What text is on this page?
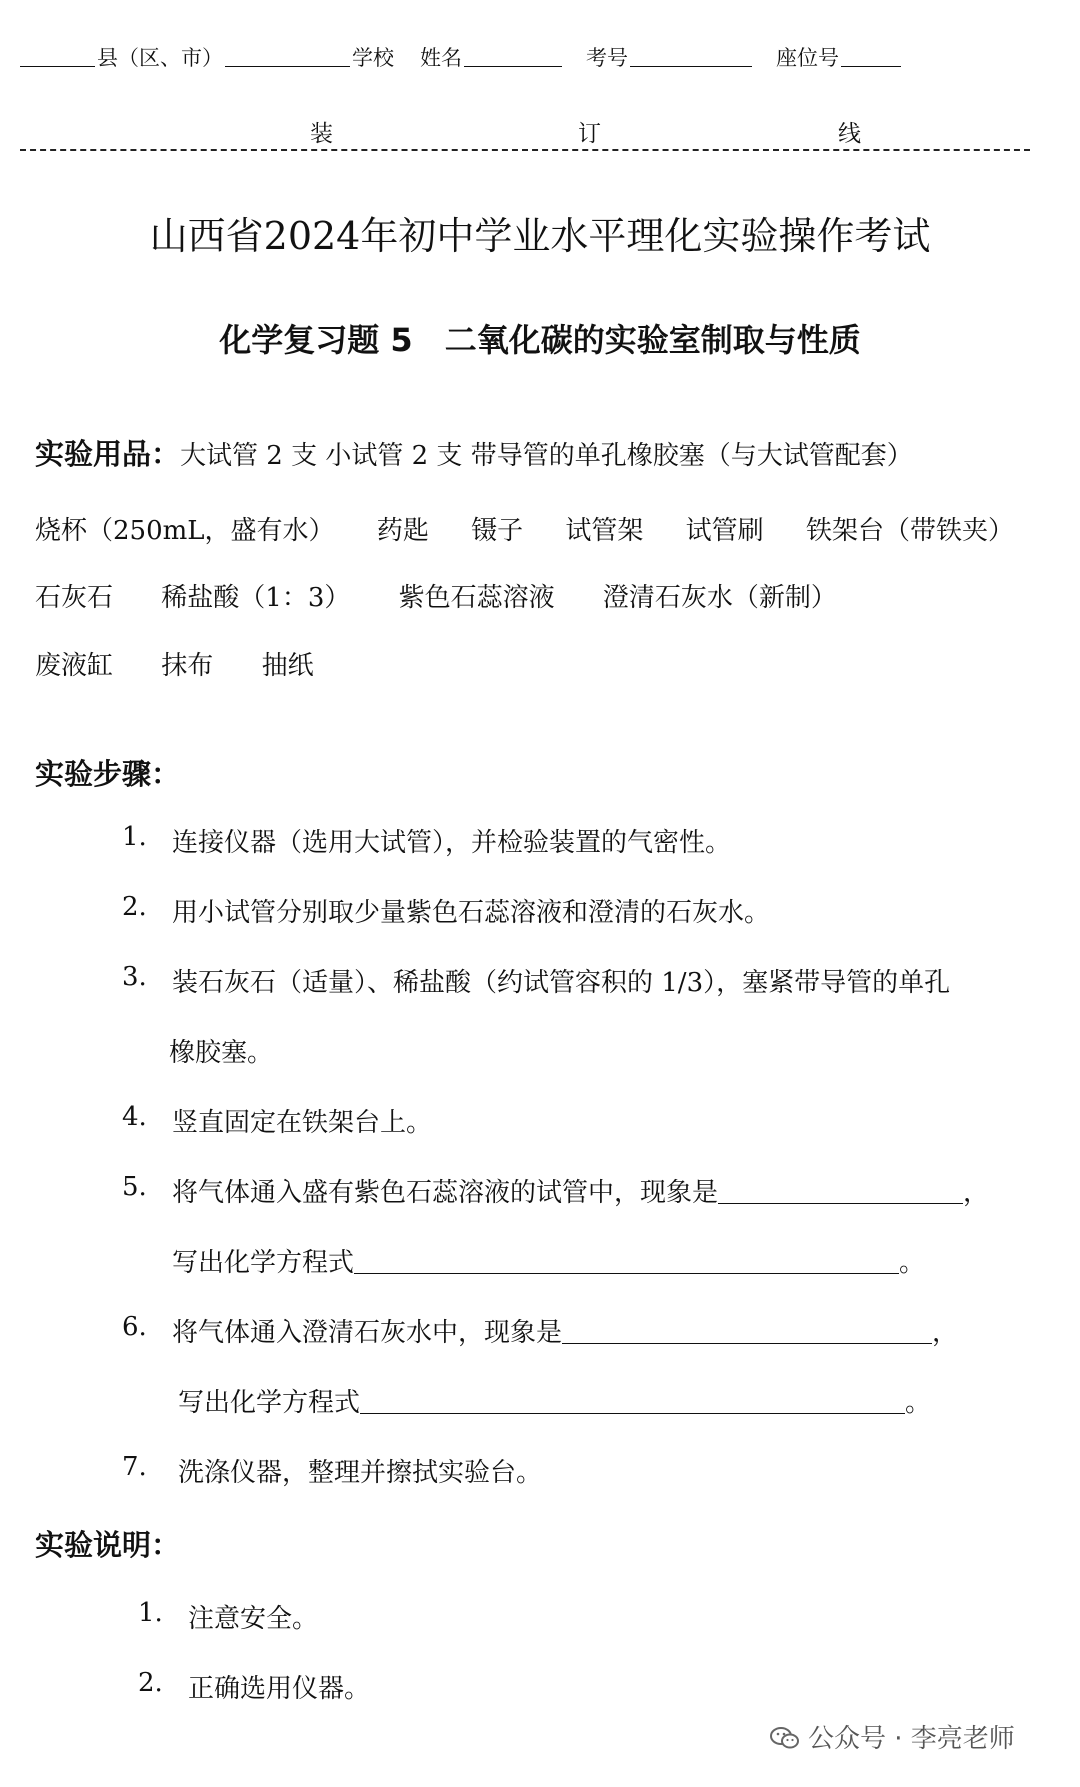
县（区、市）	学校 姓名	考号	座位号
装	订	线
山西省2024年初中学业水平理化实验操作考试
化学复习题 5　二氧化碳的实验室制取与性质
实验用品：大试管 2 支 小试管 2 支 带导管的单孔橡胶塞（与大试管配套）
烧杯（250mL，盛有水） 药匙 镊子 试管架 试管刷 铁架台（带铁夹）
石灰石 稀盐酸（1：3） 紫色石蕊溶液 澄清石灰水（新制）
废液缸 抹布 抽纸
实验步骤：
1. 连接仪器（选用大试管），并检验装置的气密性。
2. 用小试管分别取少量紫色石蕊溶液和澄清的石灰水。
3. 装石灰石（适量）、稀盐酸（约试管容积的 1/3），塞紧带导管的单孔
橡胶塞。
4. 竖直固定在铁架台上。
5. 将气体通入盛有紫色石蕊溶液的试管中，现象是	，
写出化学方程式	。
6. 将气体通入澄清石灰水中，现象是	，
写出化学方程式	。
7. 洗涤仪器，整理并擦拭实验台。
实验说明：
1. 注意安全。
2. 正确选用仪器。
公众号 · 李亮老师
